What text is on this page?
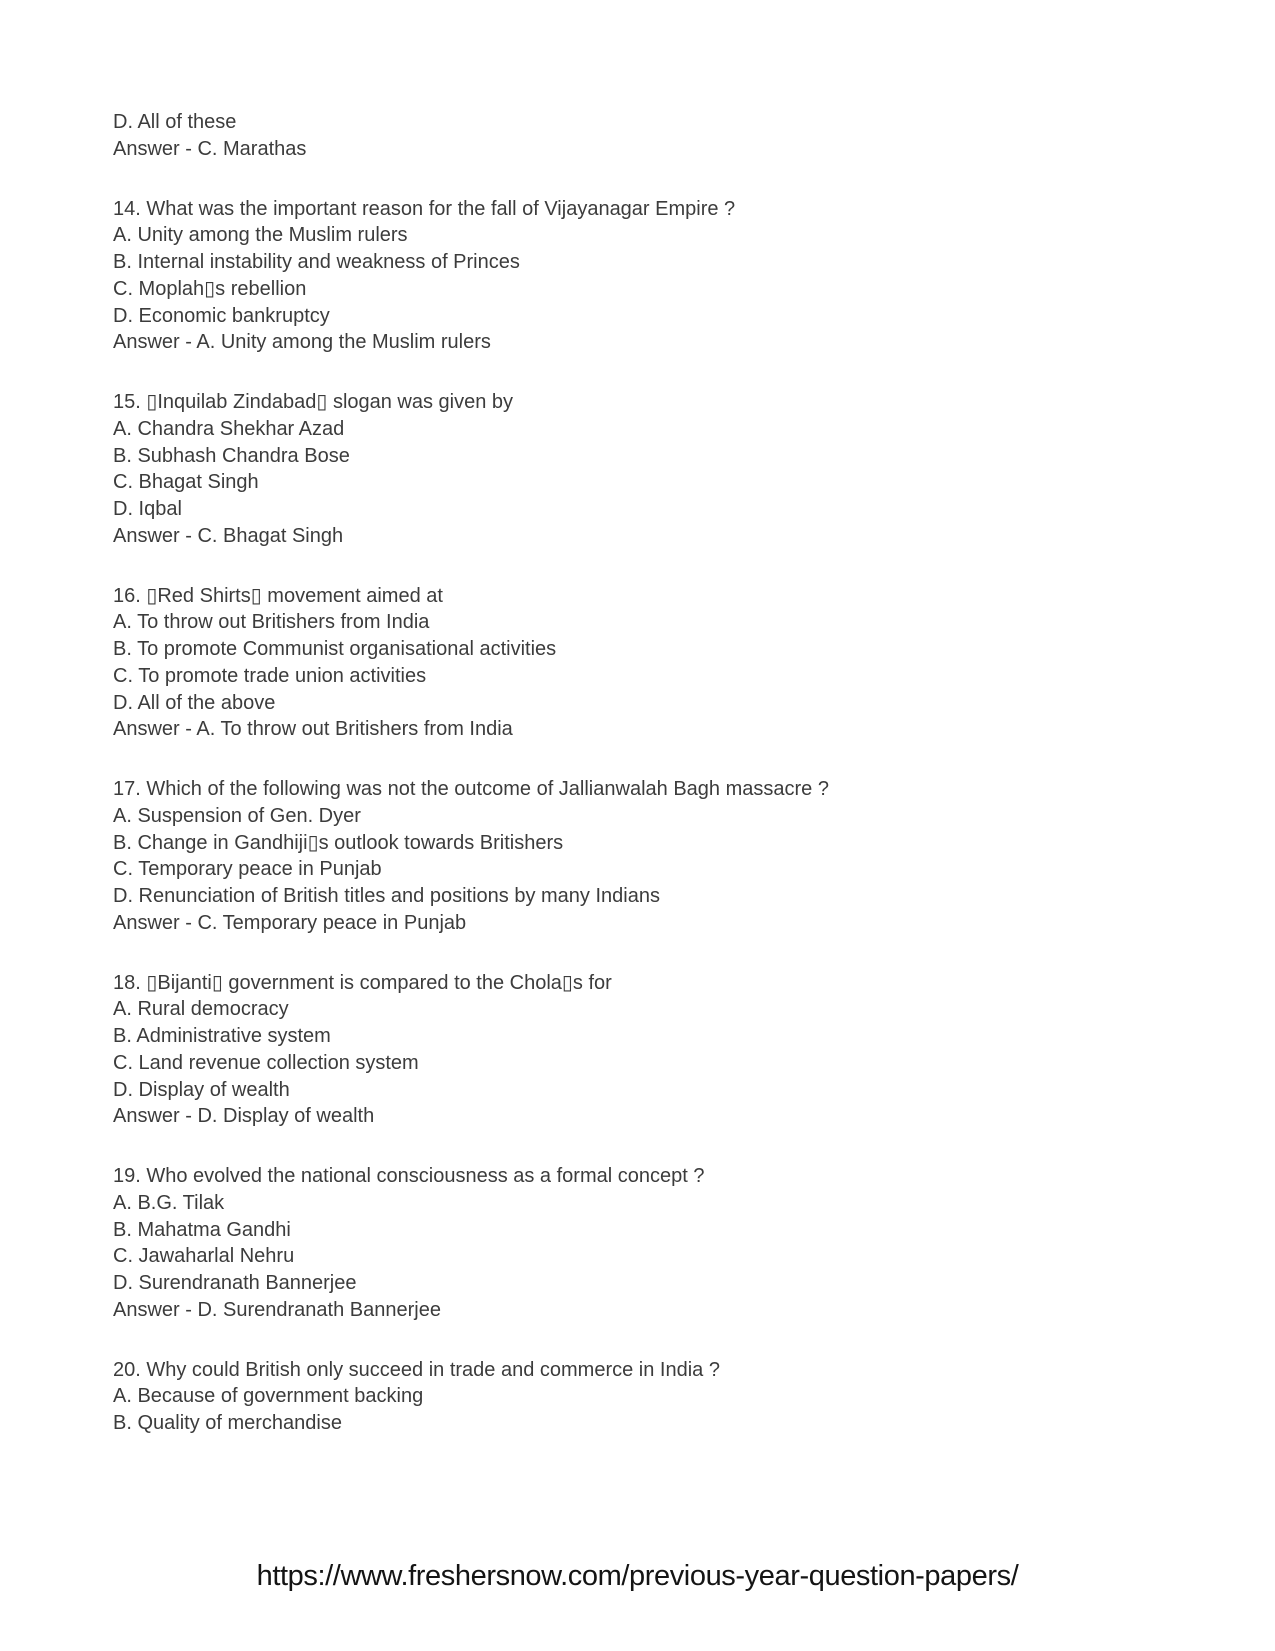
D. All of these

Answer - C. Marathas

14. What was the important reason for the fall of Vijayanagar Empire ?

A. Unity among the Muslim rulers

B. Internal instability and weakness of Princes

C. Moplah▯s rebellion

D. Economic bankruptcy

Answer - A. Unity among the Muslim rulers

15. ▯Inquilab Zindabad▯ slogan was given by

A. Chandra Shekhar Azad

B. Subhash Chandra Bose

C. Bhagat Singh

D. Iqbal

Answer - C. Bhagat Singh

16. ▯Red Shirts▯ movement aimed at

A. To throw out Britishers from India

B. To promote Communist organisational activities

C. To promote trade union activities

D. All of the above

Answer - A. To throw out Britishers from India

17. Which of the following was not the outcome of Jallianwalah Bagh massacre ?

A. Suspension of Gen. Dyer

B. Change in Gandhiji▯s outlook towards Britishers

C. Temporary peace in Punjab

D. Renunciation of British titles and positions by many Indians

Answer - C. Temporary peace in Punjab

18. ▯Bijanti▯ government is compared to the Chola▯s for

A. Rural democracy

B. Administrative system

C. Land revenue collection system

D. Display of wealth

Answer - D. Display of wealth

19. Who evolved the national consciousness as a formal concept ?

A. B.G. Tilak

B. Mahatma Gandhi

C. Jawaharlal Nehru

D. Surendranath Bannerjee

Answer - D. Surendranath Bannerjee

20. Why could British only succeed in trade and commerce in India ?

A. Because of government backing

B. Quality of merchandise

https://www.freshersnow.com/previous-year-question-papers/
